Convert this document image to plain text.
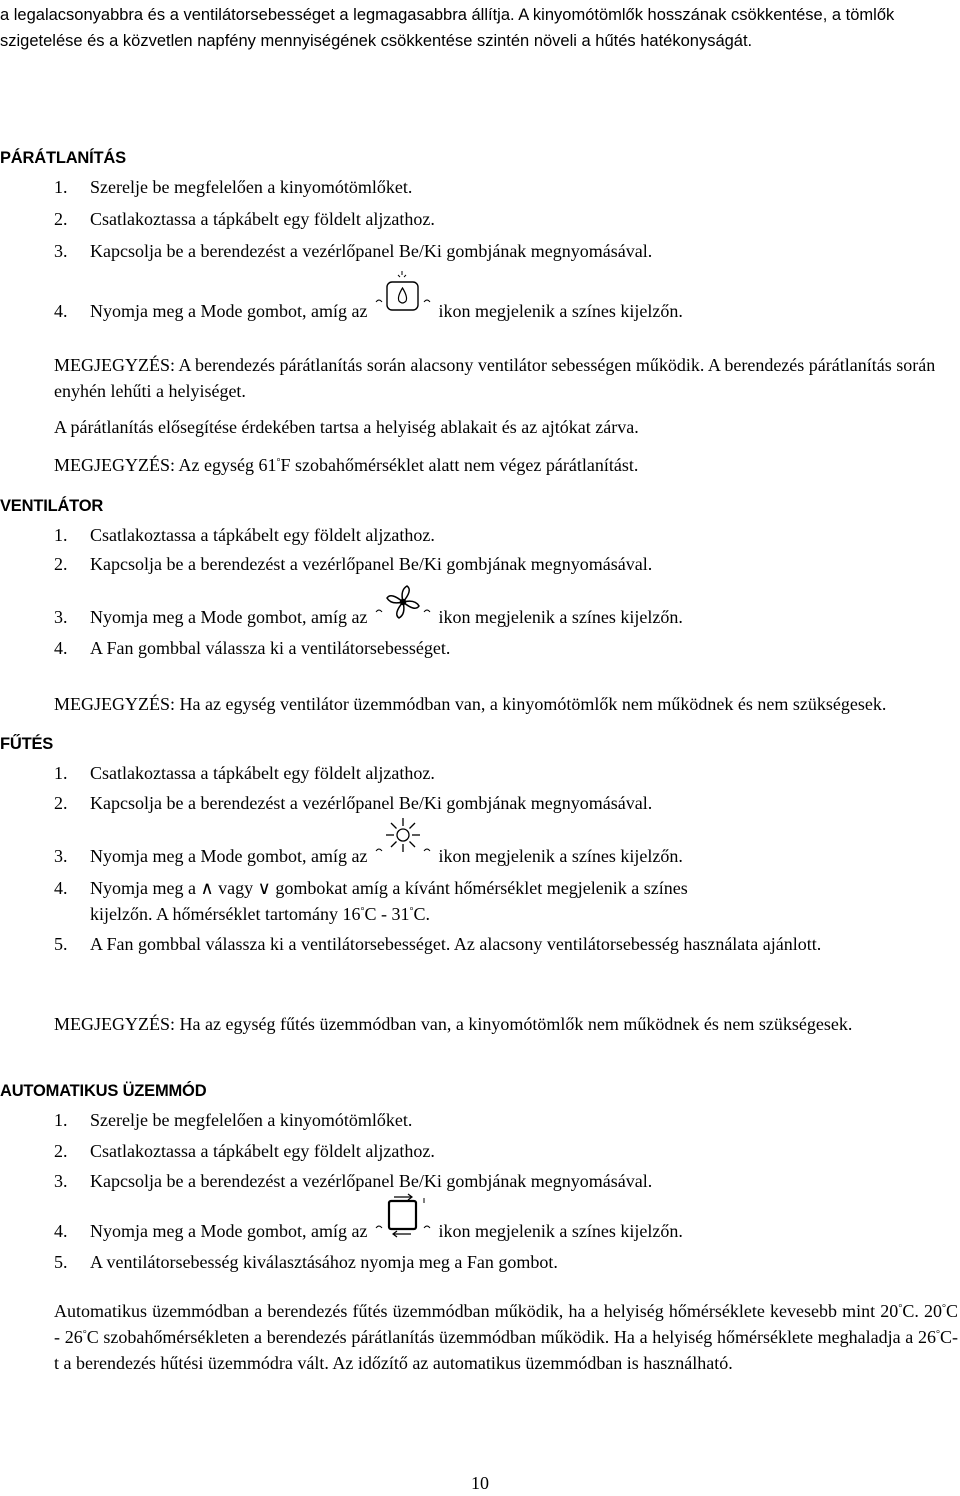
a legalacsonyabbra és a ventilátorsebességet a legmagasabbra állítja. A kinyomótömlők hosszának csökkentése, a tömlők szigetelése és a közvetlen napfény mennyiségének csökkentése szintén növeli a hűtés hatékonyságát.

PÁRÁTLANÍTÁS
1. Szerelje be megfelelően a kinyomótömlőket.
2. Csatlakoztassa a tápkábelt egy földelt aljzathoz.
3. Kapcsolja be a berendezést a vezérlőpanel Be/Ki gombjának megnyomásával.
4. Nyomja meg a Mode gombot, amíg az	ikon megjelenik a színes kijelzőn.

MEGJEGYZÉS: A berendezés párátlanítás során alacsony ventilátor sebességen működik. A berendezés párátlanítás során enyhén lehűti a helyiséget.

A párátlanítás elősegítése érdekében tartsa a helyiség ablakait és az ajtókat zárva.

MEGJEGYZÉS: Az egység 61°F szobahőmérséklet alatt nem végez párátlanítást.

VENTILÁTOR
1. Csatlakoztassa a tápkábelt egy földelt aljzathoz.
2. Kapcsolja be a berendezést a vezérlőpanel Be/Ki gombjának megnyomásával.
3. Nyomja meg a Mode gombot, amíg az	ikon megjelenik a színes kijelzőn.
4. A Fan gombbal válassza ki a ventilátorsebességet.

MEGJEGYZÉS: Ha az egység ventilátor üzemmódban van, a kinyomótömlők nem működnek és nem szükségesek.

FŰTÉS
1. Csatlakoztassa a tápkábelt egy földelt aljzathoz.
2. Kapcsolja be a berendezést a vezérlőpanel Be/Ki gombjának megnyomásával.
3. Nyomja meg a Mode gombot, amíg az	ikon megjelenik a színes kijelzőn.
4.	Nyomja meg a ∧ vagy ∨ gombokat amíg a kívánt hőmérséklet megjelenik a színes
kijelzőn. A hőmérséklet tartomány 16°C - 31°C.
5.	A Fan gombbal válassza ki a ventilátorsebességet. Az alacsony ventilátorsebesség használata ajánlott.

MEGJEGYZÉS: Ha az egység fűtés üzemmódban van, a kinyomótömlők nem működnek és nem szükségesek.

AUTOMATIKUS ÜZEMMÓD
1. Szerelje be megfelelően a kinyomótömlőket.
2. Csatlakoztassa a tápkábelt egy földelt aljzathoz.
3. Kapcsolja be a berendezést a vezérlőpanel Be/Ki gombjának megnyomásával.
4. Nyomja meg a Mode gombot, amíg az	ikon megjelenik a színes kijelzőn.
5. A ventilátorsebesség kiválasztásához nyomja meg a Fan gombot.

Automatikus üzemmódban a berendezés fűtés üzemmódban működik, ha a helyiség hőmérséklete kevesebb mint 20°C. 20°C - 26°C szobahőmérsékleten a berendezés párátlanítás üzemmódban működik. Ha a helyiség hőmérséklete meghaladja a 26°C-t a berendezés hűtési üzemmódra vált. Az időzítő az automatikus üzemmódban is használható.

10
